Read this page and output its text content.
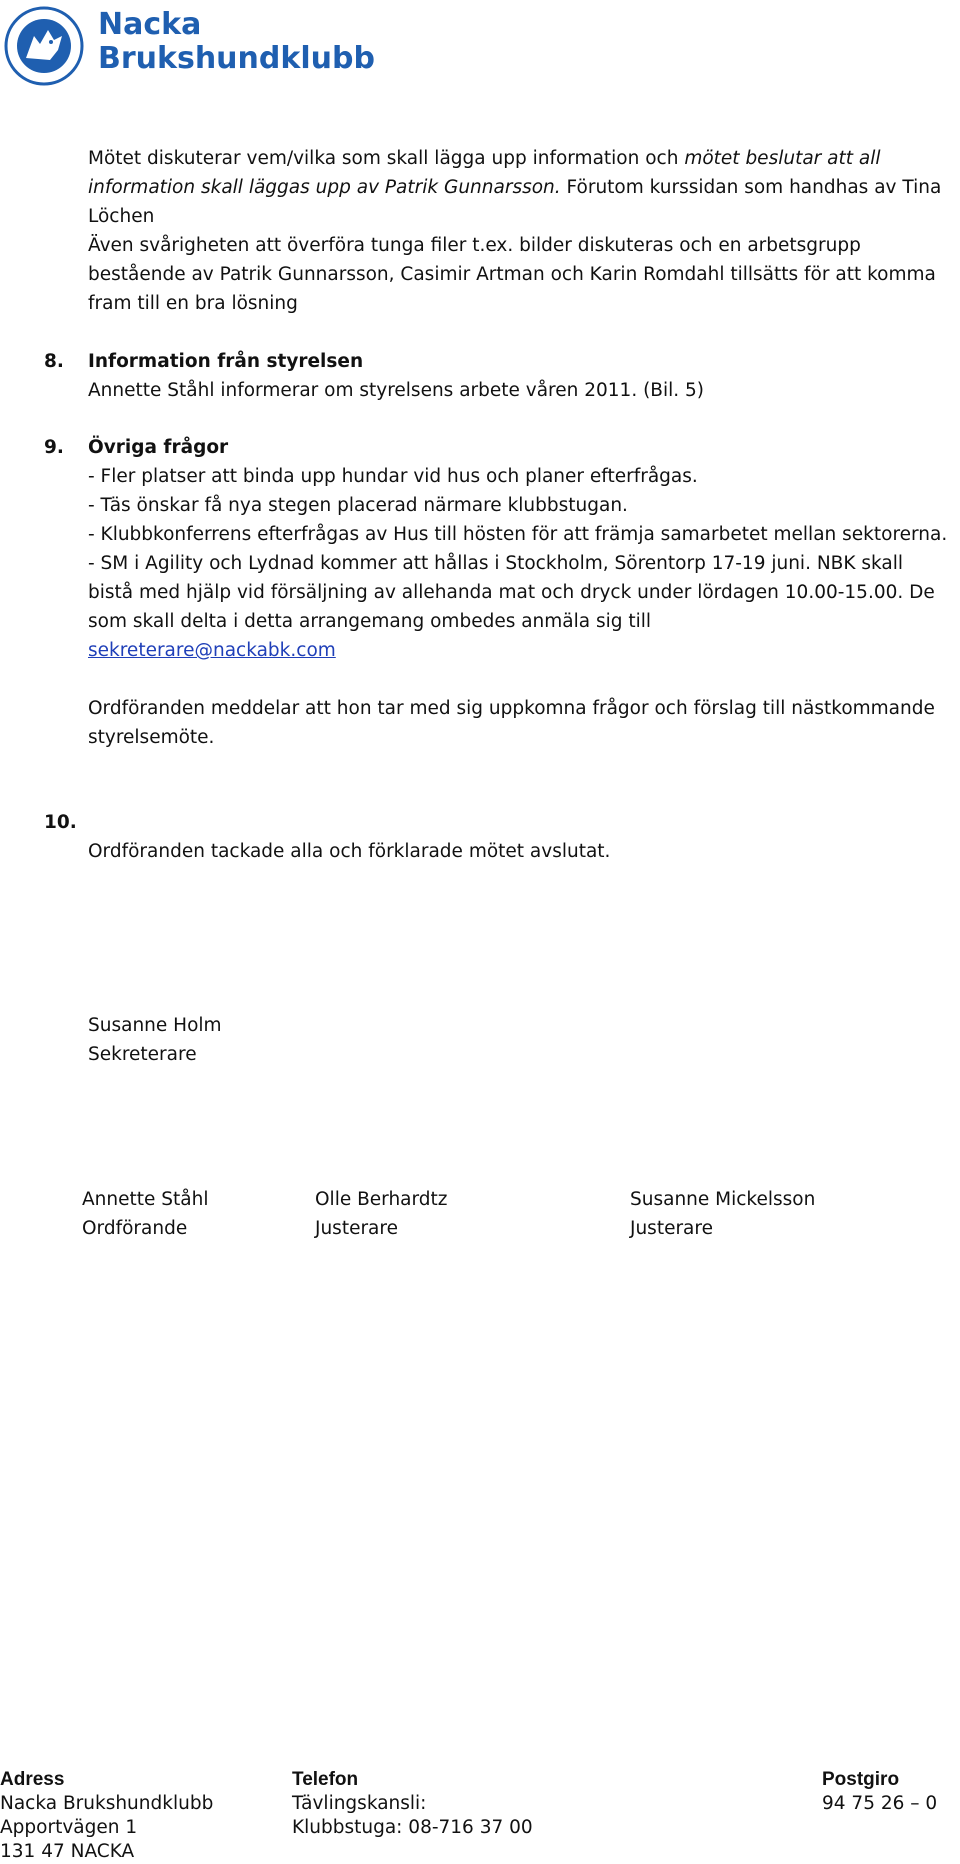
Nacka
Brukshundklubb

Mötet diskuterar vem/vilka som skall lägga upp information och mötet beslutar att all information skall läggas upp av Patrik Gunnarsson. Förutom kurssidan som handhas av Tina Löchen

Även svårigheten att överföra tunga filer t.ex. bilder diskuteras och en arbetsgrupp bestående av Patrik Gunnarsson, Casimir Artman och Karin Romdahl tillsätts för att komma fram till en bra lösning

8. Information från styrelsen

Annette Ståhl informerar om styrelsens arbete våren 2011. (Bil. 5)

9. Övriga frågor

- Fler platser att binda upp hundar vid hus och planer efterfrågas.

- Täs önskar få nya stegen placerad närmare klubbstugan.

- Klubbkonferrens efterfrågas av Hus till hösten för att främja samarbetet mellan sektorerna.

- SM i Agility och Lydnad kommer att hållas i Stockholm, Sörentorp 17-19 juni. NBK skall bistå med hjälp vid försäljning av allehanda mat och dryck under lördagen 10.00-15.00. De som skall delta i detta arrangemang ombedes anmäla sig till

sekreterare@nackabk.com

Ordföranden meddelar att hon tar med sig uppkomna frågor och förslag till nästkommande styrelsemöte.

10.

Ordföranden tackade alla och förklarade mötet avslutat.

Susanne Holm

Sekreterare

Annette Ståhl
Ordförande
Olle Berhardtz
Justerare
Susanne Mickelsson
Justerare
Adress
Nacka Brukshundklubb
Apportvägen 1
131 47 NACKA
Telefon
Tävlingskansli:
Klubbstuga: 08-716 37 00
Postgiro
94 75 26 – 0
